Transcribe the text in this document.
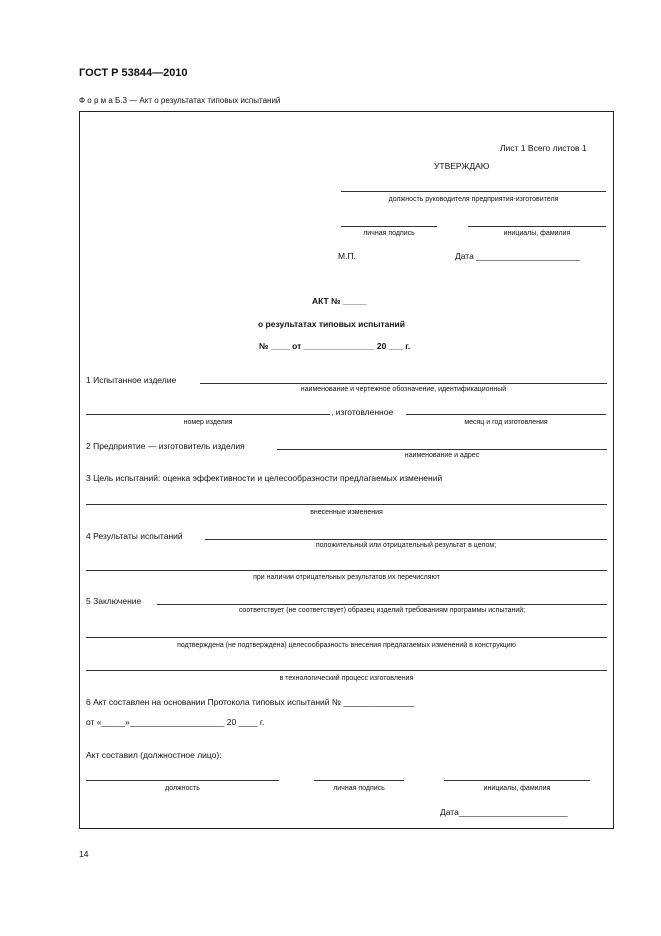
ГОСТ Р 53844—2010
Ф о р м а Б.3 — Акт о результатах типовых испытаний
Лист 1 Всего листов 1
УТВЕРЖДАЮ
должность руководителя предприятия-изготовителя
личная подпись	инициалы, фамилия
М.П.	Дата ______________________
АКТ № _____
о результатах типовых испытаний
№ ____ от _______________ 20 ___ г.
1 Испытанное изделие
наименование и чертежное обозначение, идентификационный
, изготовленное
номер изделия	месяц и год изготовления
2 Предприятие — изготовитель изделия
наименование и адрес
3 Цель испытаний: оценка эффективности и целесообразности предлагаемых изменений
внесенные изменения
4 Результаты испытаний
положительный или отрицательный результат в целом;
при наличии отрицательных результатов их перечисляют
5 Заключение
соответствует (не соответствует) образец изделий требованиям программы испытаний;
подтверждена (не подтверждена) целесообразность внесения предлагаемых изменений в конструкцию
в технологический процесс изготовления
6 Акт составлен на основании Протокола типовых испытаний № _______________
от «_____»____________________ 20 ____ г.
Акт составил (должностное лицо):
должность	личная подпись	инициалы, фамилия
Дата_______________________
14
